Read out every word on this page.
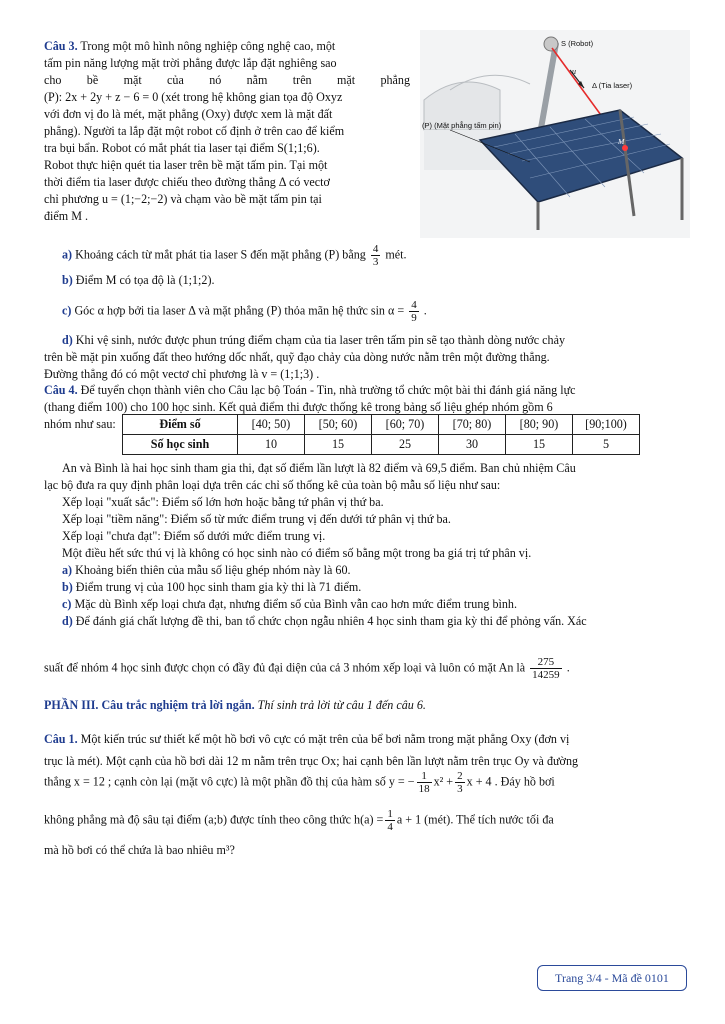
Câu 3. Trong một mô hình nông nghiệp công nghệ cao, một
tấm pin năng lượng mặt trời phẳng được lắp đặt nghiêng sao
cho bề mặt của nó nằm trên mặt phẳng
(P): 2x + 2y + z − 6 = 0 (xét trong hệ không gian tọa độ Oxyz
với đơn vị đo là mét, mặt phẳng (Oxy) được xem là mặt đất
phẳng). Người ta lắp đặt một robot cố định ở trên cao để kiểm
tra bụi bẩn. Robot có mắt phát tia laser tại điểm S(1;1;6).
Robot thực hiện quét tia laser trên bề mặt tấm pin. Tại một
thời điểm tia laser được chiếu theo đường thẳng Δ có vectơ
chỉ phương u = (1;−2;−2) và chạm vào bề mặt tấm pin tại
điểm M .
S (Robot)
u
Δ (Tia laser)
(P) (Mặt phẳng tấm pin)
M
a) Khoảng cách từ mắt phát tia laser S đến mặt phẳng (P) bằng $\frac{4}{3}$ mét.
b) Điểm M có tọa độ là (1;1;2).
c) Góc α hợp bởi tia laser Δ và mặt phẳng (P) thỏa mãn hệ thức $\sin \alpha = \frac{4}{9}$ .
d) Khi vệ sinh, nước được phun trúng điểm chạm của tia laser trên tấm pin sẽ tạo thành dòng nước chảy
trên bề mặt pin xuống đất theo hướng dốc nhất, quỹ đạo chảy của dòng nước nằm trên một đường thẳng.
Đường thẳng đó có một vectơ chỉ phương là v = (1;1;3) .
Câu 4. Để tuyển chọn thành viên cho Câu lạc bộ Toán - Tin, nhà trường tổ chức một bài thi đánh giá năng lực
(thang điểm 100) cho 100 học sinh. Kết quả điểm thi được thống kê trong bảng số liệu ghép nhóm gồm 6
nhóm như sau:	Điểm số	[40; 50)	[50; 60)	[60; 70)	[70; 80)	[80; 90)	[90;100)
Số học sinh	10	15	25	30	15	5
An và Bình là hai học sinh tham gia thi, đạt số điểm lần lượt là 82 điểm và 69,5 điểm. Ban chủ nhiệm Câu
lạc bộ đưa ra quy định phân loại dựa trên các chỉ số thống kê của toàn bộ mẫu số liệu như sau:
Xếp loại "xuất sắc": Điểm số lớn hơn hoặc bằng tứ phân vị thứ ba.
Xếp loại "tiềm năng": Điểm số từ mức điểm trung vị đến dưới tứ phân vị thứ ba.
Xếp loại "chưa đạt": Điểm số dưới mức điểm trung vị.
Một điều hết sức thú vị là không có học sinh nào có điểm số bằng một trong ba giá trị tứ phân vị.
a) Khoảng biến thiên của mẫu số liệu ghép nhóm này là 60.
b) Điểm trung vị của 100 học sinh tham gia kỳ thi là 71 điểm.
c) Mặc dù Bình xếp loại chưa đạt, nhưng điểm số của Bình vẫn cao hơn mức điểm trung bình.
d) Để đánh giá chất lượng đề thi, ban tổ chức chọn ngẫu nhiên 4 học sinh tham gia kỳ thi để phỏng vấn. Xác
suất để nhóm 4 học sinh được chọn có đầy đủ đại diện của cả 3 nhóm xếp loại và luôn có mặt An là $\frac{275}{14259}$ .
PHẦN III. Câu trắc nghiệm trả lời ngắn. Thí sinh trả lời từ câu 1 đến câu 6.
Câu 1. Một kiến trúc sư thiết kế một hồ bơi vô cực có mặt trên của bể bơi nằm trong mặt phẳng Oxy (đơn vị
trục là mét). Một cạnh của hồ bơi dài 12 m nằm trên trục Ox; hai cạnh bên lần lượt nằm trên trục Oy và đường
thẳng x = 12 ; cạnh còn lại (mặt vô cực) là một phần đồ thị của hàm số y = − $\frac{1}{18} x^2 + \frac{2}{3}$ x + 4 . Đáy hồ bơi
không phẳng mà độ sâu tại điểm (a;b) được tính theo công thức $h(a) = \frac{1}{4}$ a + 1 (mét). Thể tích nước tối đa
mà hồ bơi có thể chứa là bao nhiêu m³?
Trang 3/4 - Mã đề 0101
